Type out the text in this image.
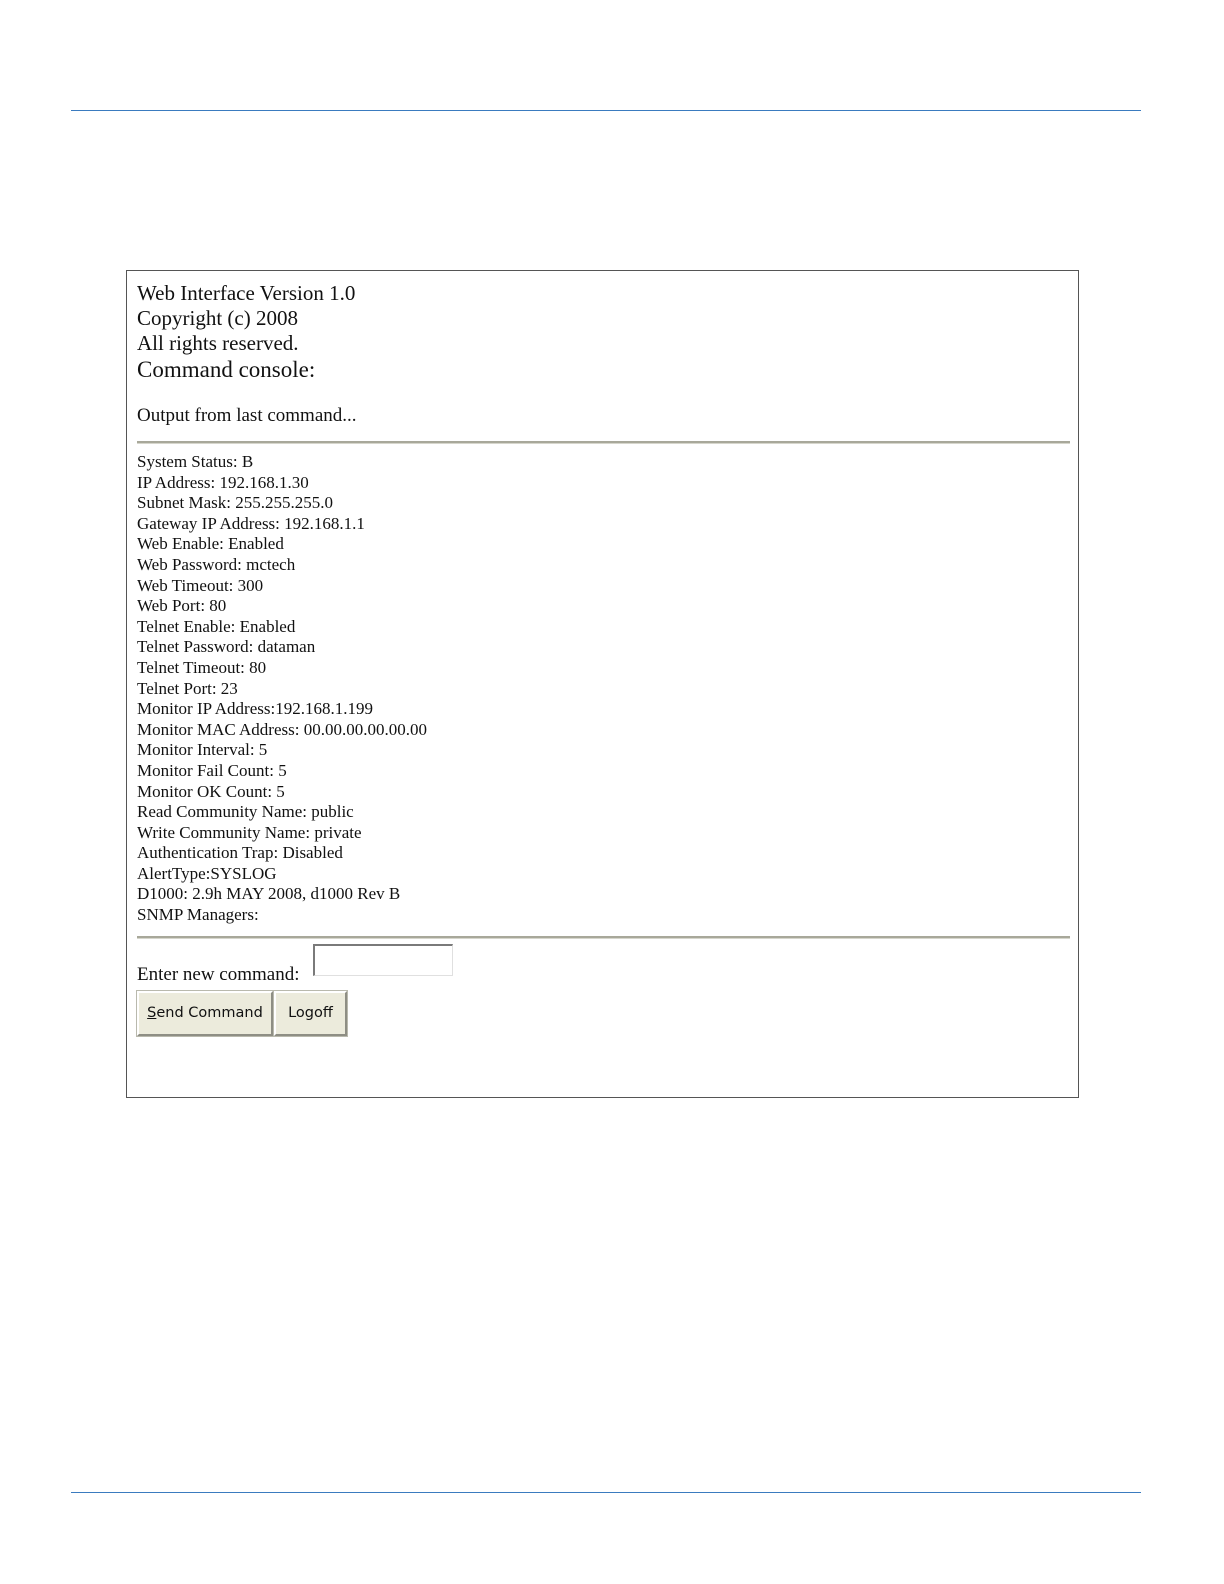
Web Interface Version 1.0
Copyright (c) 2008
All rights reserved.
Command console:
Output from last command...
System Status: B
IP Address: 192.168.1.30
Subnet Mask: 255.255.255.0
Gateway IP Address: 192.168.1.1
Web Enable: Enabled
Web Password: mctech
Web Timeout: 300
Web Port: 80
Telnet Enable: Enabled
Telnet Password: dataman
Telnet Timeout: 80
Telnet Port: 23
Monitor IP Address:192.168.1.199
Monitor MAC Address: 00.00.00.00.00.00
Monitor Interval: 5
Monitor Fail Count: 5
Monitor OK Count: 5
Read Community Name: public
Write Community Name: private
Authentication Trap: Disabled
AlertType:SYSLOG
D1000: 2.9h MAY 2008, d1000 Rev B
SNMP Managers:
Enter new command:
Send Command	Logoff
